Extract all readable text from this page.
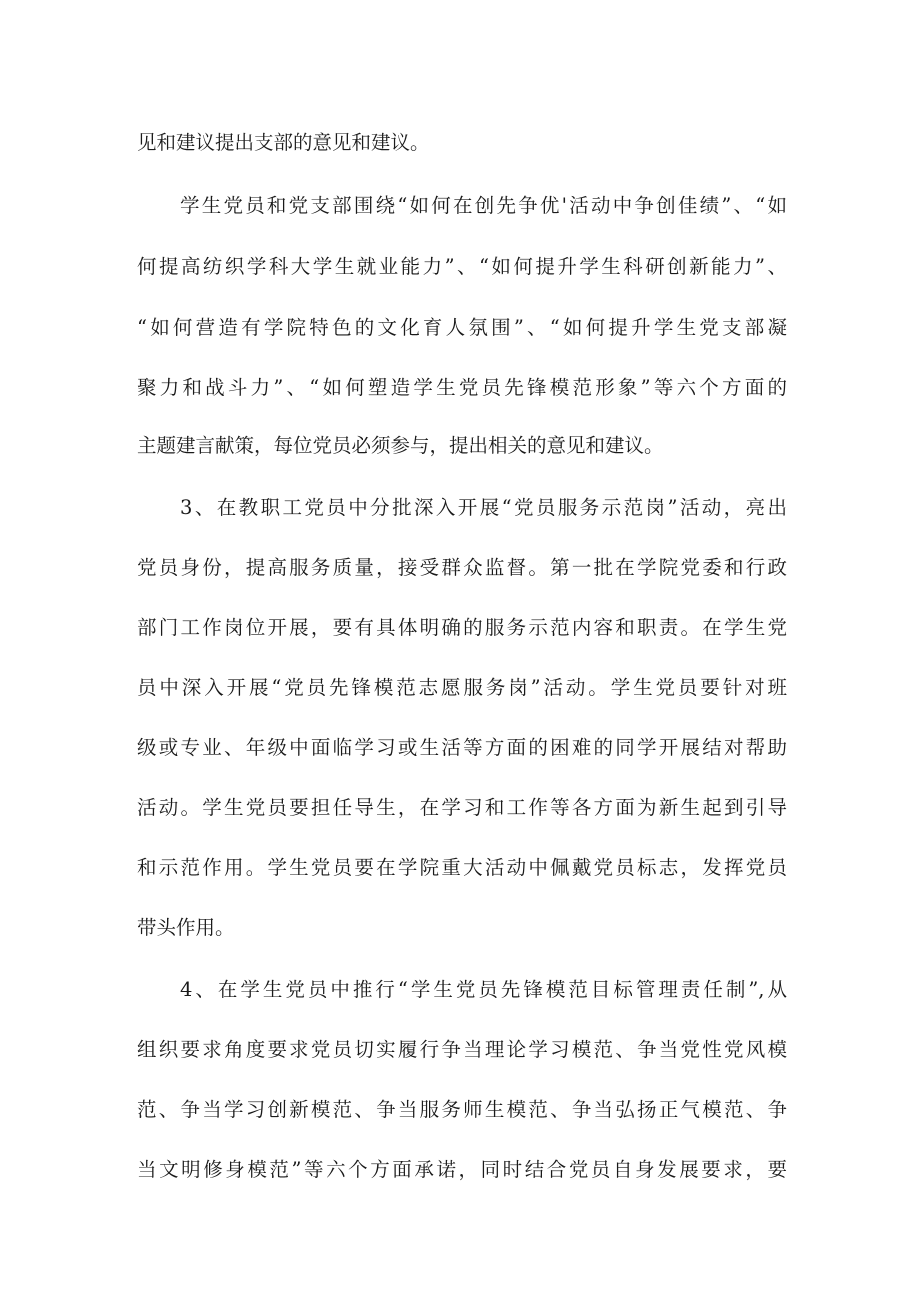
见和建议提出支部的意见和建议。
学生党员和党支部围绕“如何在创先争优'活动中争创佳绩”、“如
何提高纺织学科大学生就业能力”、“如何提升学生科研创新能力”、
“如何营造有学院特色的文化育人氛围”、“如何提升学生党支部凝
聚力和战斗力”、“如何塑造学生党员先锋模范形象”等六个方面的
主题建言献策，每位党员必须参与，提出相关的意见和建议。
3、在教职工党员中分批深入开展“党员服务示范岗”活动，亮出
党员身份，提高服务质量，接受群众监督。第一批在学院党委和行政
部门工作岗位开展，要有具体明确的服务示范内容和职责。在学生党
员中深入开展“党员先锋模范志愿服务岗”活动。学生党员要针对班
级或专业、年级中面临学习或生活等方面的困难的同学开展结对帮助
活动。学生党员要担任导生，在学习和工作等各方面为新生起到引导
和示范作用。学生党员要在学院重大活动中佩戴党员标志，发挥党员
带头作用。
4、在学生党员中推行“学生党员先锋模范目标管理责任制”,从
组织要求角度要求党员切实履行争当理论学习模范、争当党性党风模
范、争当学习创新模范、争当服务师生模范、争当弘扬正气模范、争
当文明修身模范”等六个方面承诺，同时结合党员自身发展要求，要
